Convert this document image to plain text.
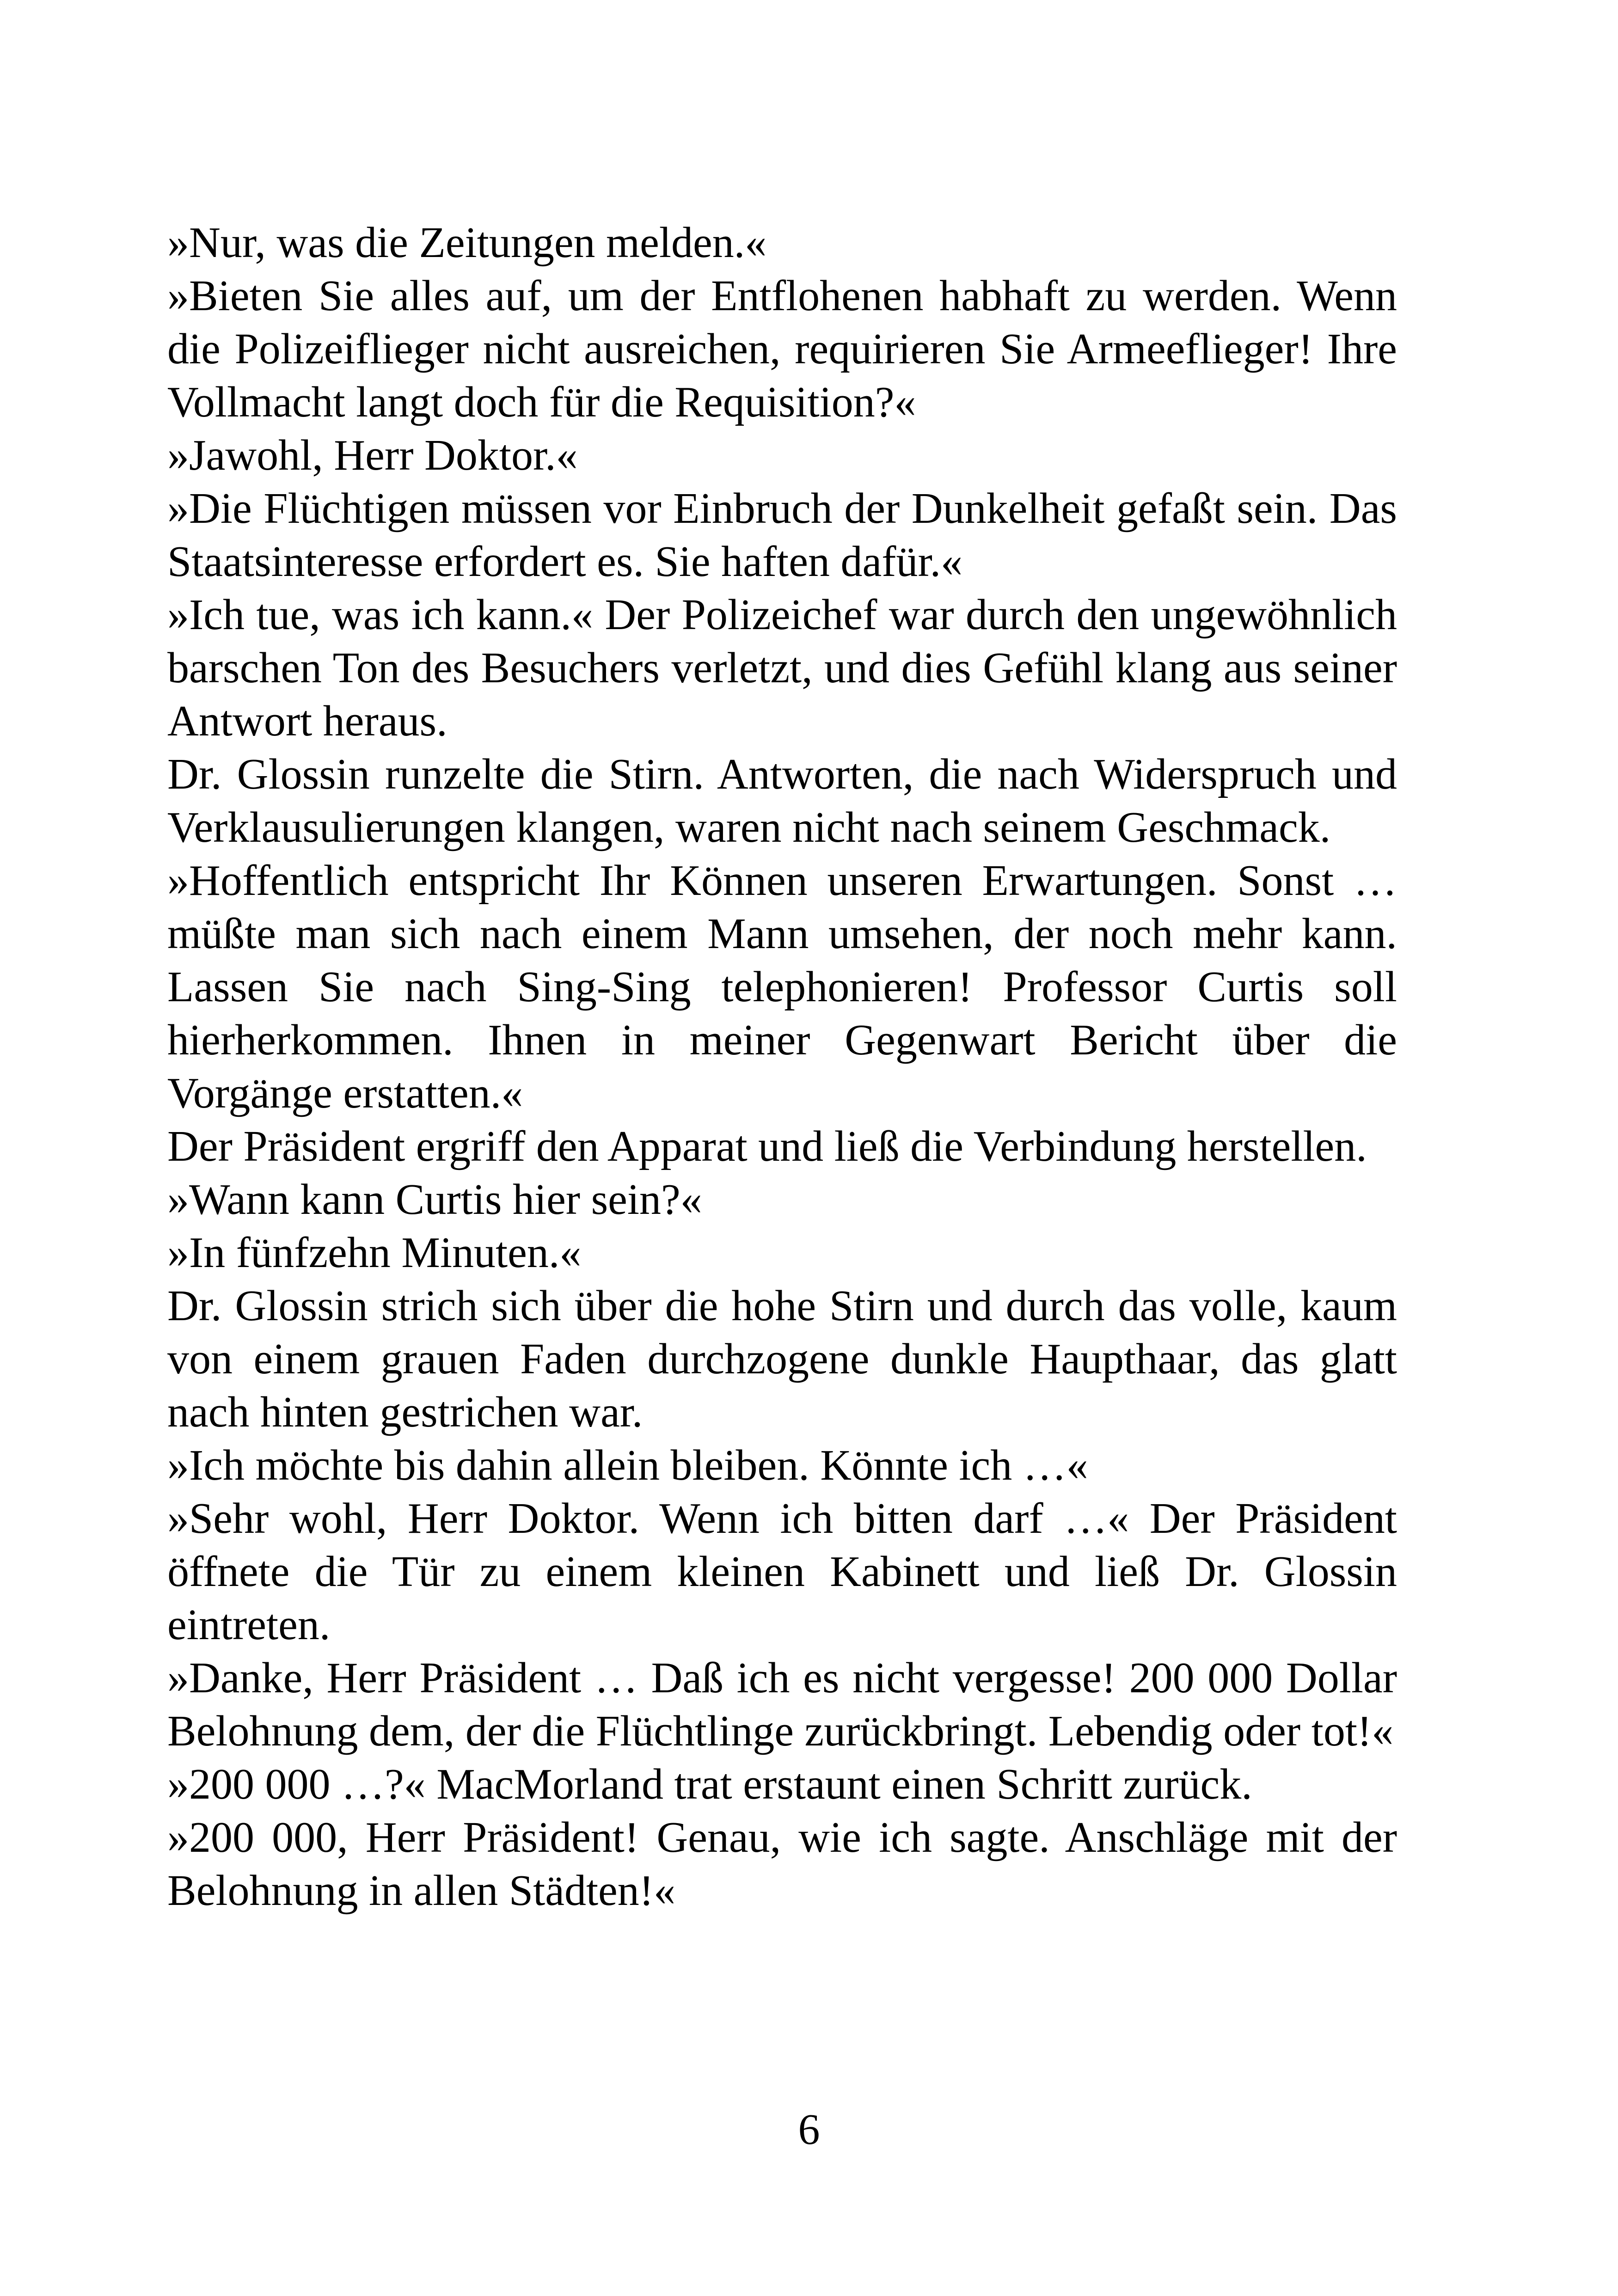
»Nur, was die Zeitungen melden.«

»Bieten Sie alles auf, um der Entflohenen habhaft zu werden. Wenn die Polizeiflieger nicht ausreichen, requirieren Sie Armeeflieger! Ihre Vollmacht langt doch für die Requisition?«

»Jawohl, Herr Doktor.«

»Die Flüchtigen müssen vor Einbruch der Dunkelheit gefaßt sein. Das Staatsinteresse erfordert es. Sie haften dafür.«

»Ich tue, was ich kann.« Der Polizeichef war durch den ungewöhnlich barschen Ton des Besuchers verletzt, und dies Gefühl klang aus seiner Antwort heraus.

Dr. Glossin runzelte die Stirn. Antworten, die nach Widerspruch und Verklausulierungen klangen, waren nicht nach seinem Geschmack.

»Hoffentlich entspricht Ihr Können unseren Erwartungen. Sonst … müßte man sich nach einem Mann umsehen, der noch mehr kann. Lassen Sie nach Sing-Sing telephonieren! Professor Curtis soll hierherkommen. Ihnen in meiner Gegenwart Bericht über die Vorgänge erstatten.«

Der Präsident ergriff den Apparat und ließ die Verbindung herstellen.

»Wann kann Curtis hier sein?«

»In fünfzehn Minuten.«

Dr. Glossin strich sich über die hohe Stirn und durch das volle, kaum von einem grauen Faden durchzogene dunkle Haupthaar, das glatt nach hinten gestrichen war.

»Ich möchte bis dahin allein bleiben. Könnte ich …«

»Sehr wohl, Herr Doktor. Wenn ich bitten darf …« Der Präsident öffnete die Tür zu einem kleinen Kabinett und ließ Dr. Glossin eintreten.

»Danke, Herr Präsident … Daß ich es nicht vergesse! 200 000 Dollar Belohnung dem, der die Flüchtlinge zurückbringt. Lebendig oder tot!«

»200 000 …?« MacMorland trat erstaunt einen Schritt zurück.

»200 000, Herr Präsident! Genau, wie ich sagte. Anschläge mit der Belohnung in allen Städten!«

6
